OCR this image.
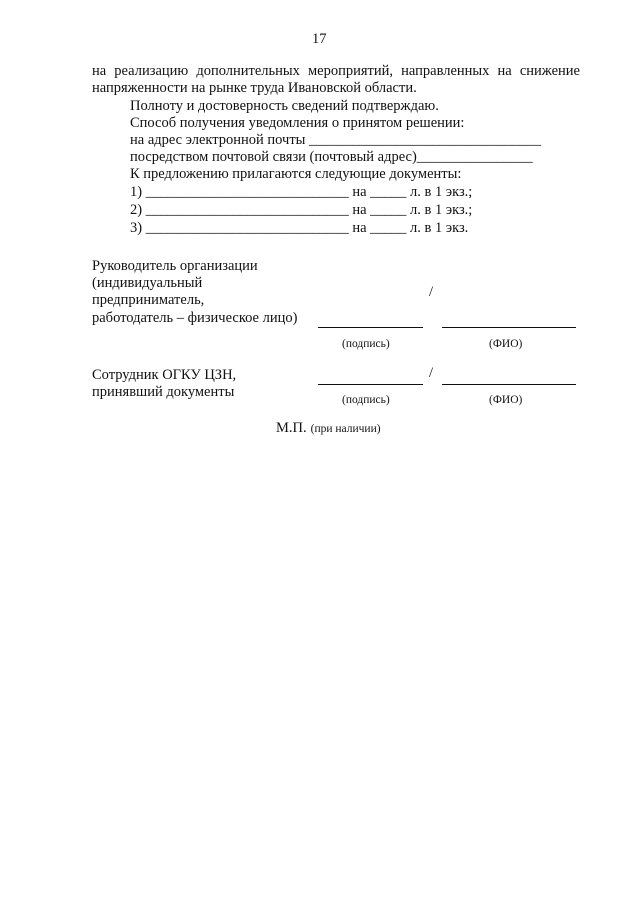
17
на реализацию дополнительных мероприятий, направленных на снижение
напряженности на рынке труда Ивановской области.
Полноту и достоверность сведений подтверждаю.
Способ получения уведомления о принятом решении:
на адрес электронной почты ________________________________
посредством почтовой связи (почтовый адрес)________________
К предложению прилагаются следующие документы:
1) ____________________________ на _____ л. в 1 экз.;
2) ____________________________ на _____ л. в 1 экз.;
3) ____________________________ на _____ л. в 1 экз.
Руководитель организации
(индивидуальный
предприниматель,
работодатель – физическое лицо)
/
(подпись)	(ФИО)
Сотрудник ОГКУ ЦЗН,
принявший документы
/
(подпись)	(ФИО)
М.П. (при наличии)
